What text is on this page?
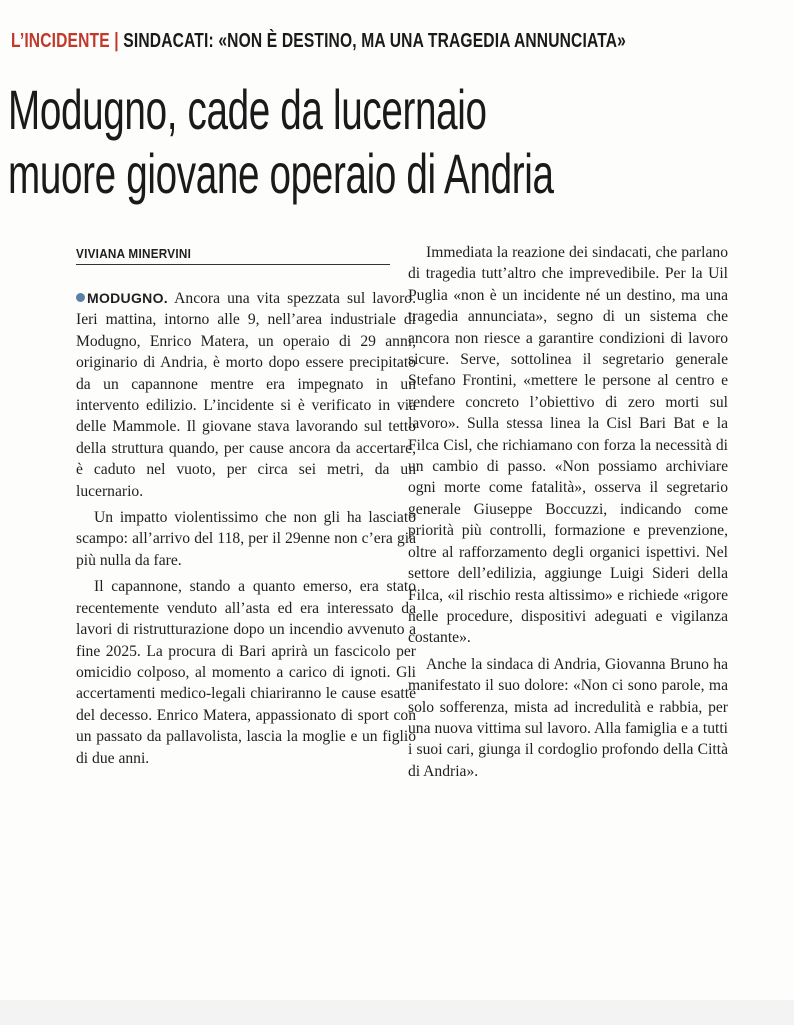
L’INCIDENTE | SINDACATI: «NON È DESTINO, MA UNA TRAGEDIA ANNUNCIATA»
Modugno, cade da lucernaio
muore giovane operaio di Andria
VIVIANA MINERVINI

MODUGNO. Ancora una vita spezzata sul lavoro. Ieri mattina, intorno alle 9, nell’area industriale di Modugno, Enrico Matera, un operaio di 29 anni, originario di Andria, è morto dopo essere precipitato da un capannone mentre era impegnato in un intervento edilizio. L’incidente si è verificato in via delle Mammole. Il giovane stava lavorando sul tetto della struttura quando, per cause ancora da accertare, è caduto nel vuoto, per circa sei metri, da un lucernario.

Un impatto violentissimo che non gli ha lasciato scampo: all’arrivo del 118, per il 29enne non c’era già più nulla da fare.

Il capannone, stando a quanto emerso, era stato recentemente venduto all’asta ed era interessato da lavori di ristrutturazione dopo un incendio avvenuto a fine 2025. La procura di Bari aprirà un fascicolo per omicidio colposo, al momento a carico di ignoti. Gli accertamenti medico-legali chiariranno le cause esatte del decesso. Enrico Matera, appassionato di sport con un passato da pallavolista, lascia la moglie e un figlio di due anni.

Immediata la reazione dei sindacati, che parlano di tragedia tutt’altro che imprevedibile. Per la Uil Puglia «non è un incidente né un destino, ma una tragedia annunciata», segno di un sistema che ancora non riesce a garantire condizioni di lavoro sicure. Serve, sottolinea il segretario generale Stefano Frontini, «mettere le persone al centro e rendere concreto l’obiettivo di zero morti sul lavoro». Sulla stessa linea la Cisl Bari Bat e la Filca Cisl, che richiamano con forza la necessità di un cambio di passo. «Non possiamo archiviare ogni morte come fatalità», osserva il segretario generale Giuseppe Boccuzzi, indicando come priorità più controlli, formazione e prevenzione, oltre al rafforzamento degli organici ispettivi. Nel settore dell’edilizia, aggiunge Luigi Sideri della Filca, «il rischio resta altissimo» e richiede «rigore nelle procedure, dispositivi adeguati e vigilanza costante».

Anche la sindaca di Andria, Giovanna Bruno ha manifestato il suo dolore: «Non ci sono parole, ma solo sofferenza, mista ad incredulità e rabbia, per una nuova vittima sul lavoro. Alla famiglia e a tutti i suoi cari, giunga il cordoglio profondo della Città di Andria».
